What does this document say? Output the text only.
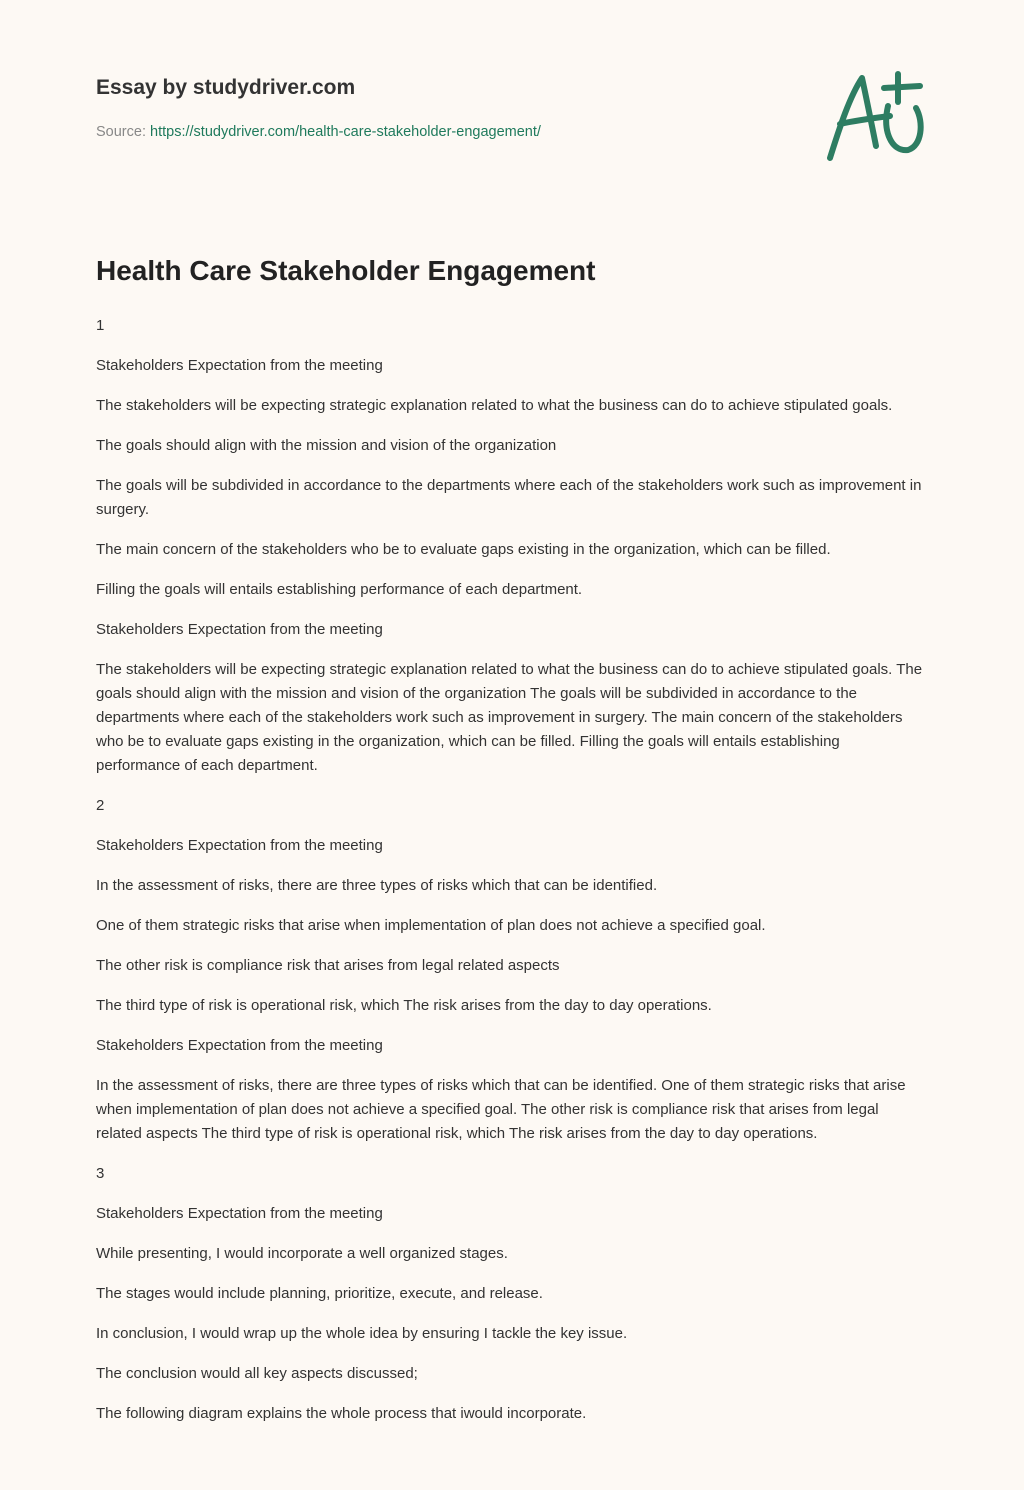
Essay by studydriver.com
Source: https://studydriver.com/health-care-stakeholder-engagement/
Health Care Stakeholder Engagement

1

Stakeholders Expectation from the meeting

The stakeholders will be expecting strategic explanation related to what the business can do to achieve stipulated goals.

The goals should align with the mission and vision of the organization

The goals will be subdivided in accordance to the departments where each of the stakeholders work such as improvement in surgery.

The main concern of the stakeholders who be to evaluate gaps existing in the organization, which can be filled.

Filling the goals will entails establishing performance of each department.

Stakeholders Expectation from the meeting

The stakeholders will be expecting strategic explanation related to what the business can do to achieve stipulated goals. The goals should align with the mission and vision of the organization The goals will be subdivided in accordance to the departments where each of the stakeholders work such as improvement in surgery. The main concern of the stakeholders who be to evaluate gaps existing in the organization, which can be filled. Filling the goals will entails establishing performance of each department.

2

Stakeholders Expectation from the meeting

In the assessment of risks, there are three types of risks which that can be identified.

One of them strategic risks that arise when implementation of plan does not achieve a specified goal.

The other risk is compliance risk that arises from legal related aspects

The third type of risk is operational risk, which The risk arises from the day to day operations.

Stakeholders Expectation from the meeting

In the assessment of risks, there are three types of risks which that can be identified. One of them strategic risks that arise when implementation of plan does not achieve a specified goal. The other risk is compliance risk that arises from legal related aspects The third type of risk is operational risk, which The risk arises from the day to day operations.

3

Stakeholders Expectation from the meeting

While presenting, I would incorporate a well organized stages.

The stages would include planning, prioritize, execute, and release.

In conclusion, I would wrap up the whole idea by ensuring I tackle the key issue.

The conclusion would all key aspects discussed;

The following diagram explains the whole process that iwould incorporate.
